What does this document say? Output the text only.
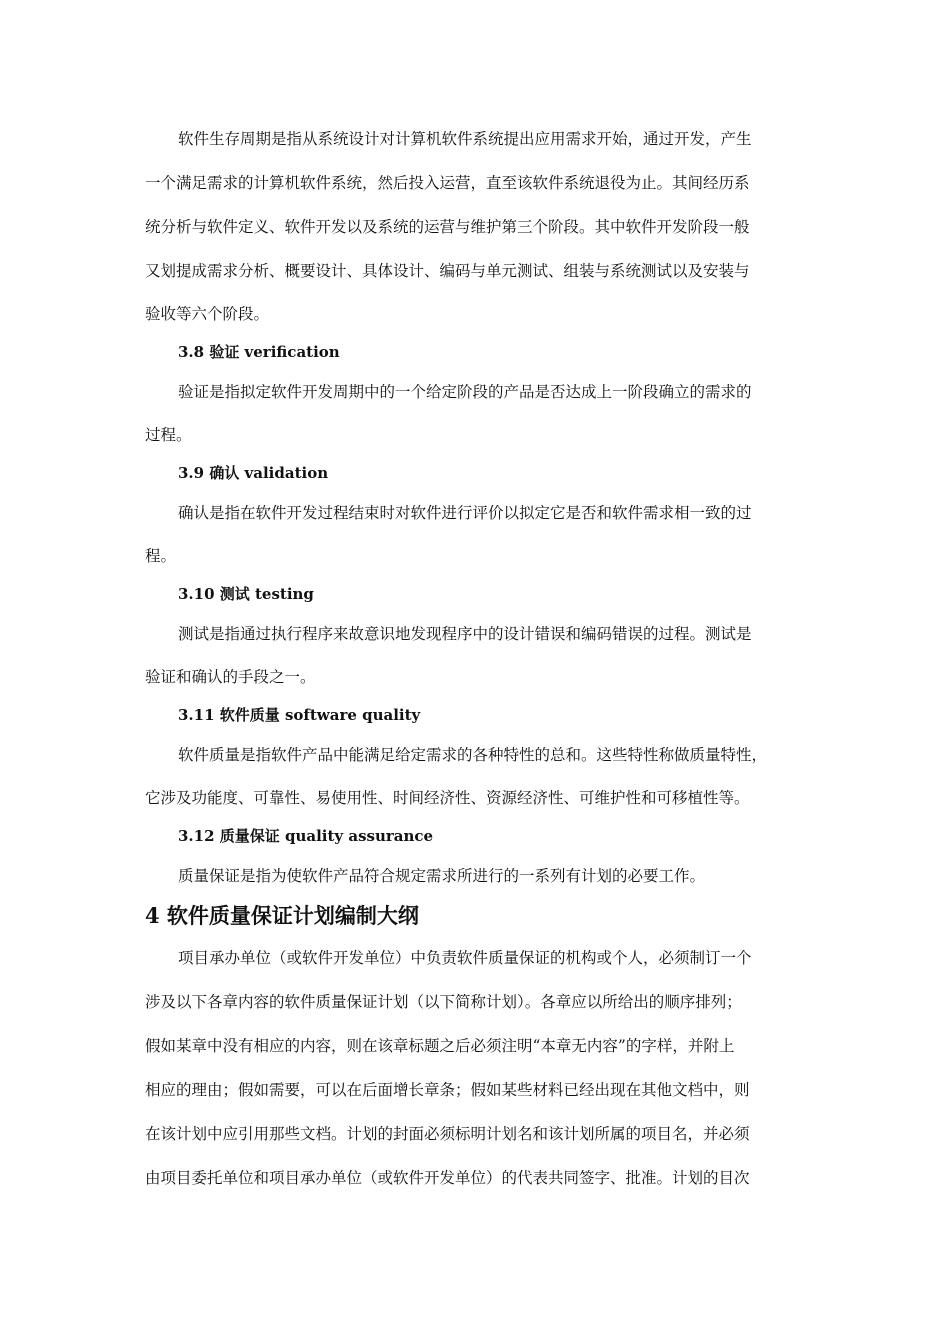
软件生存周期是指从系统设计对计算机软件系统提出应用需求开始，通过开发，产生
一个满足需求的计算机软件系统，然后投入运营，直至该软件系统退役为止。其间经历系
统分析与软件定义、软件开发以及系统的运营与维护第三个阶段。其中软件开发阶段一般
又划提成需求分析、概要设计、具体设计、编码与单元测试、组装与系统测试以及安装与
验收等六个阶段。
3.8 验证 verification
验证是指拟定软件开发周期中的一个给定阶段的产品是否达成上一阶段确立的需求的
过程。
3.9 确认 validation
确认是指在软件开发过程结束时对软件进行评价以拟定它是否和软件需求相一致的过
程。
3.10 测试 testing
测试是指通过执行程序来故意识地发现程序中的设计错误和编码错误的过程。测试是
验证和确认的手段之一。
3.11 软件质量 software quality
软件质量是指软件产品中能满足给定需求的各种特性的总和。这些特性称做质量特性，
它涉及功能度、可靠性、易使用性、时间经济性、资源经济性、可维护性和可移植性等。
3.12 质量保证 quality assurance
质量保证是指为使软件产品符合规定需求所进行的一系列有计划的必要工作。
4 软件质量保证计划编制大纲
项目承办单位（或软件开发单位）中负责软件质量保证的机构或个人，必须制订一个
涉及以下各章内容的软件质量保证计划（以下简称计划）。各章应以所给出的顺序排列；
假如某章中没有相应的内容，则在该章标题之后必须注明“本章无内容”的字样，并附上
相应的理由；假如需要，可以在后面增长章条；假如某些材料已经出现在其他文档中，则
在该计划中应引用那些文档。计划的封面必须标明计划名和该计划所属的项目名，并必须
由项目委托单位和项目承办单位（或软件开发单位）的代表共同签字、批准。计划的目次
